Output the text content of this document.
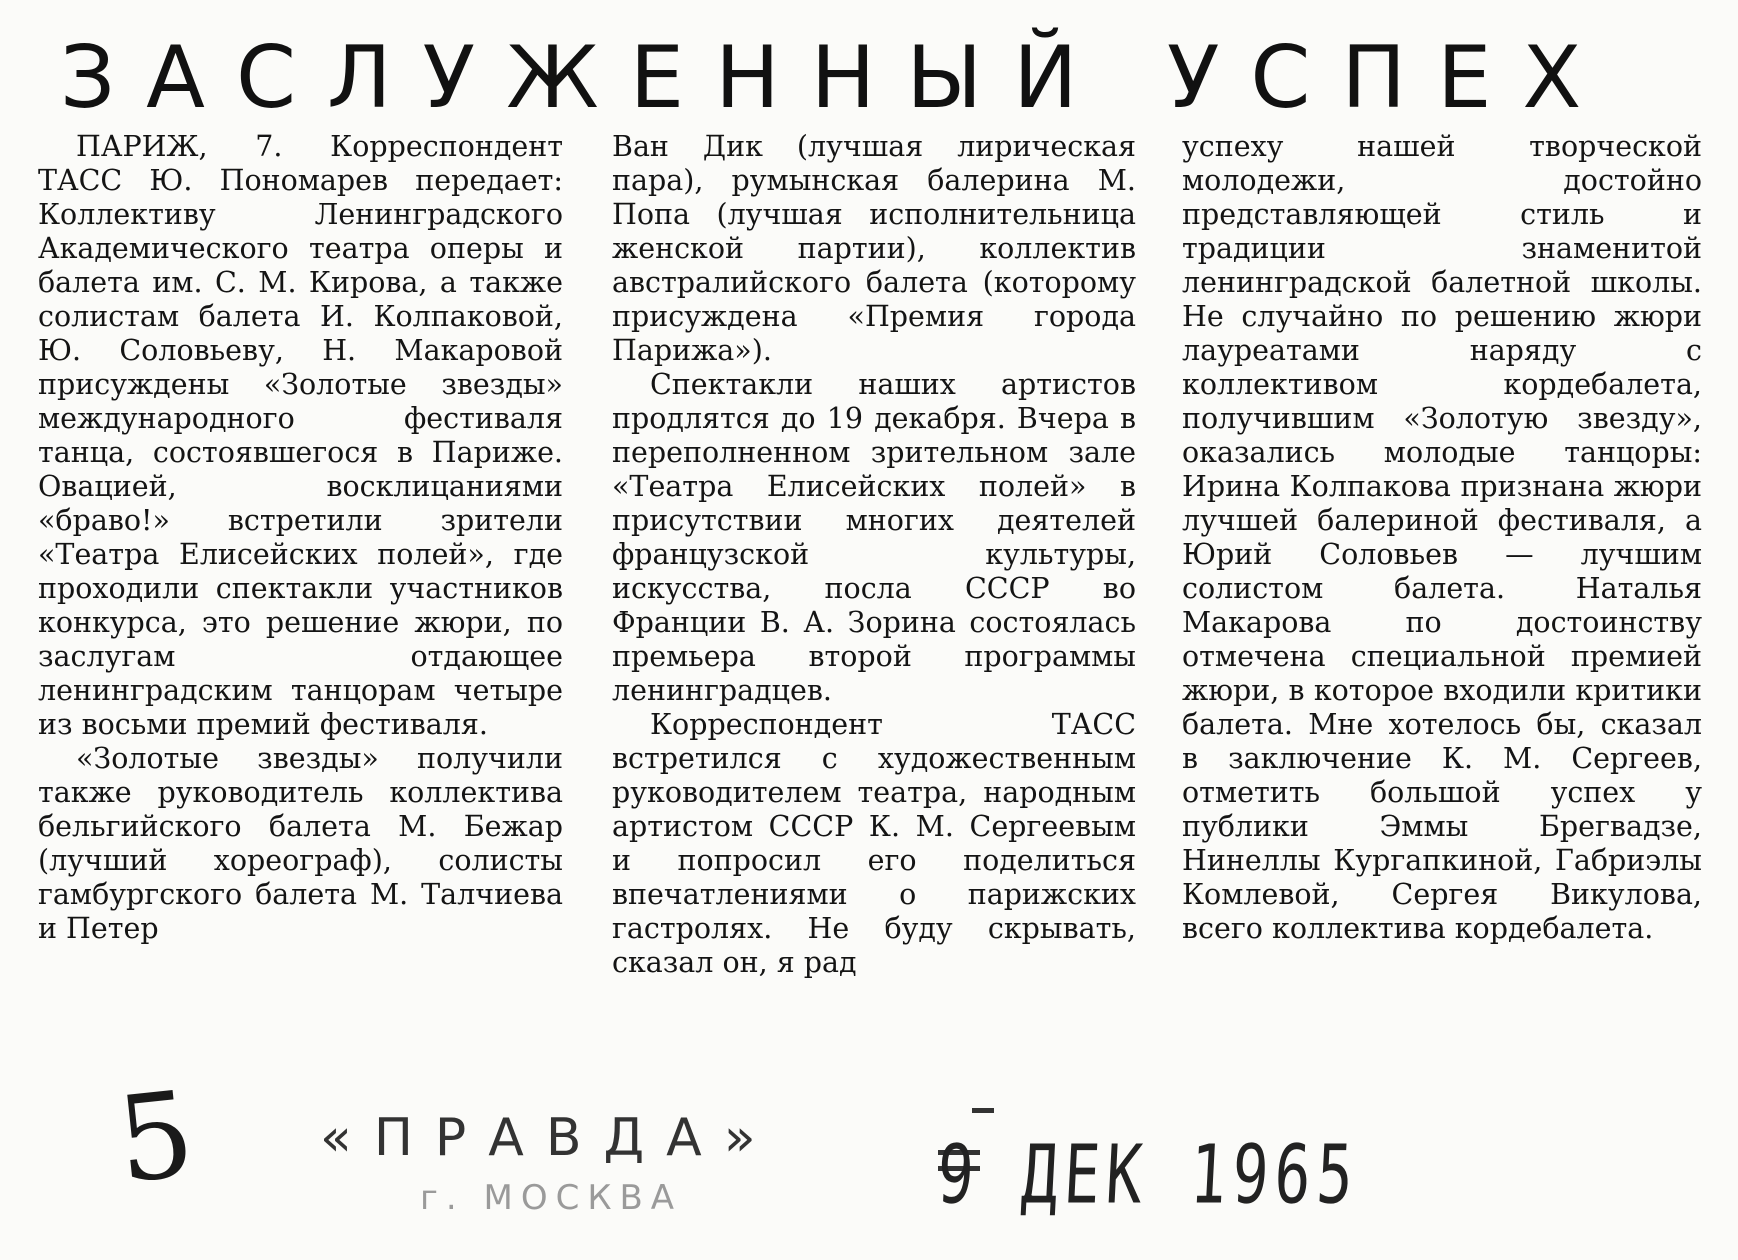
ЗАСЛУЖЕННЫЙ УСПЕХ

ПАРИЖ, 7. Корреспондент ТАСС Ю. Пономарев передает: Коллективу Ленинградского Академического театра оперы и балета им. С. М. Кирова, а также солистам балета И. Колпаковой, Ю. Соловьеву, Н. Макаровой присуждены «Золотые звезды» международного фестиваля танца, состоявшегося в Париже. Овацией, восклицаниями «браво!» встретили зрители «Театра Елисейских полей», где проходили спектакли участников конкурса, это решение жюри, по заслугам отдающее ленинградским танцорам четыре из восьми премий фестиваля.

«Золотые звезды» получили также руководитель коллектива бельгийского балета М. Бежар (лучший хореограф), солисты гамбургского балета М. Талчиева и Петер

Ван Дик (лучшая лирическая пара), румынская балерина М. Попа (лучшая исполнительница женской партии), коллектив австралийского балета (которому присуждена «Премия города Парижа»).

Спектакли наших артистов продлятся до 19 декабря. Вчера в переполненном зрительном зале «Театра Елисейских полей» в присутствии многих деятелей французской культуры, искусства, посла СССР во Франции В. А. Зорина состоялась премьера второй программы ленинградцев.

Корреспондент ТАСС встретился с художественным руководителем театра, народным артистом СССР К. М. Сергеевым и попросил его поделиться впечатлениями о парижских гастролях. Не буду скрывать, сказал он, я рад

успеху нашей творческой молодежи, достойно представляющей стиль и традиции знаменитой ленинградской балетной школы. Не случайно по решению жюри лауреатами наряду с коллективом кордебалета, получившим «Золотую звезду», оказались молодые танцоры: Ирина Колпакова признана жюри лучшей балериной фестиваля, а Юрий Соловьев — лучшим солистом балета. Наталья Макарова по достоинству отмечена специальной премией жюри, в которое входили критики балета. Мне хотелось бы, сказал в заключение К. М. Сергеев, отметить большой успех у публики Эммы Брегвадзе, Нинеллы Кургапкиной, Габриэлы Комлевой, Сергея Викулова, всего коллектива кордебалета.

5 «ПРАВДА»
г. МОСКВА	9 ДЕК 1965
